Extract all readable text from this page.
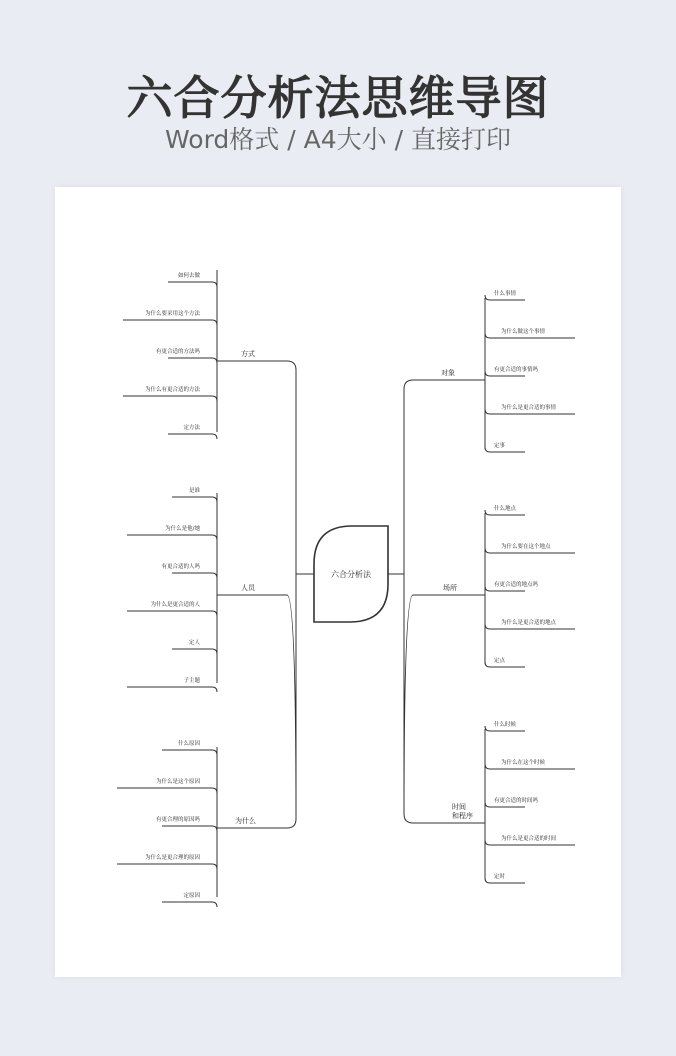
六合分析法思维导图
Word格式 / A4大小 / 直接打印
六合分析法
方式
如何去做
为什么要采用这个方法
有更合适的方法吗
为什么有更合适的方法
定方法
人员
是谁
为什么是他/她
有更合适的人吗
为什么是更合适的人
定人
子主题
为什么
什么原因
为什么是这个原因
有更合理的原因吗
为什么是更合理的原因
定原因
对象
什么事情
为什么做这个事情
有更合适的事情吗
为什么是更合适的事情
定事
场所
什么地点
为什么要在这个地点
有更合适的地点吗
为什么是更合适的地点
定点
时间
和程序
什么时候
为什么在这个时候
有更合适的时间吗
为什么是更合适的时间
定时
